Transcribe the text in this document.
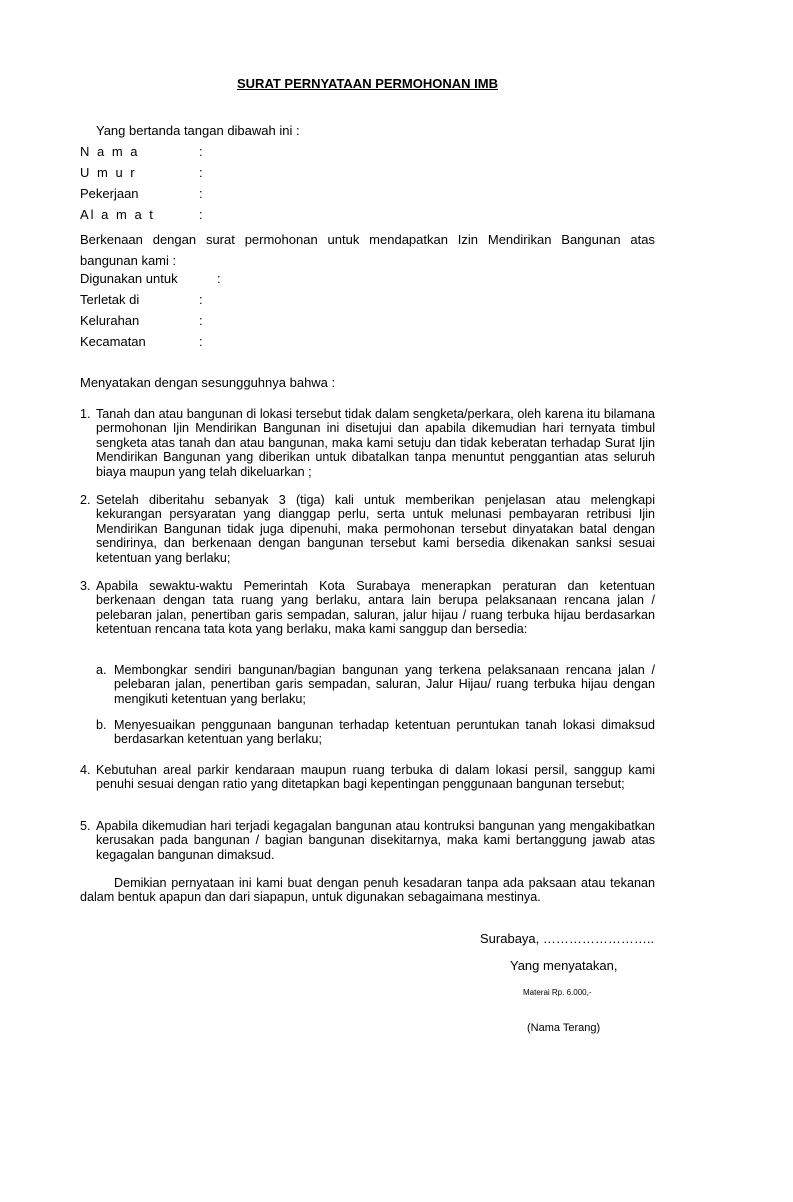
SURAT PERNYATAAN PERMOHONAN IMB
Yang bertanda tangan dibawah ini :
N a m a	:
U m u r	:
Pekerjaan	:
Al a m a t	:
Berkenaan dengan surat permohonan untuk mendapatkan Izin Mendirikan Bangunan atas bangunan kami :
Digunakan untuk	:
Terletak di	:
Kelurahan	:
Kecamatan	:
Menyatakan dengan sesungguhnya bahwa :
1. Tanah dan atau bangunan di lokasi tersebut tidak dalam sengketa/perkara, oleh karena itu bilamana permohonan Ijin Mendirikan Bangunan ini disetujui dan apabila dikemudian hari ternyata timbul sengketa atas tanah dan atau bangunan, maka kami setuju dan tidak keberatan terhadap Surat Ijin Mendirikan Bangunan yang diberikan untuk dibatalkan tanpa menuntut penggantian atas seluruh biaya maupun yang telah dikeluarkan ;
2. Setelah diberitahu sebanyak 3 (tiga) kali untuk memberikan penjelasan atau melengkapi kekurangan persyaratan yang dianggap perlu, serta untuk melunasi pembayaran retribusi Ijin Mendirikan Bangunan tidak juga dipenuhi, maka permohonan tersebut dinyatakan batal dengan sendirinya, dan berkenaan dengan bangunan tersebut kami bersedia dikenakan sanksi sesuai ketentuan yang berlaku;
3. Apabila sewaktu-waktu Pemerintah Kota Surabaya menerapkan peraturan dan ketentuan berkenaan dengan tata ruang yang berlaku, antara lain berupa pelaksanaan rencana jalan / pelebaran jalan, penertiban garis sempadan, saluran, jalur hijau / ruang terbuka hijau berdasarkan ketentuan rencana tata kota yang berlaku, maka kami sanggup dan bersedia:
a. Membongkar sendiri bangunan/bagian bangunan yang terkena pelaksanaan rencana jalan / pelebaran jalan, penertiban garis sempadan, saluran, Jalur Hijau/ ruang terbuka hijau dengan mengikuti ketentuan yang berlaku;
b. Menyesuaikan penggunaan bangunan terhadap ketentuan peruntukan tanah lokasi dimaksud berdasarkan ketentuan yang berlaku;
4. Kebutuhan areal parkir kendaraan maupun ruang terbuka di dalam lokasi persil, sanggup kami penuhi sesuai dengan ratio yang ditetapkan bagi kepentingan penggunaan bangunan tersebut;
5. Apabila dikemudian hari terjadi kegagalan bangunan atau kontruksi bangunan yang mengakibatkan kerusakan pada bangunan / bagian bangunan disekitarnya, maka kami bertanggung jawab atas kegagalan bangunan dimaksud.
Demikian pernyataan ini kami buat dengan penuh kesadaran tanpa ada paksaan atau tekanan dalam bentuk apapun dan dari siapapun, untuk digunakan sebagaimana mestinya.
Surabaya, ……………………..
Yang menyatakan,
Materai Rp. 6.000,-
(Nama Terang)
